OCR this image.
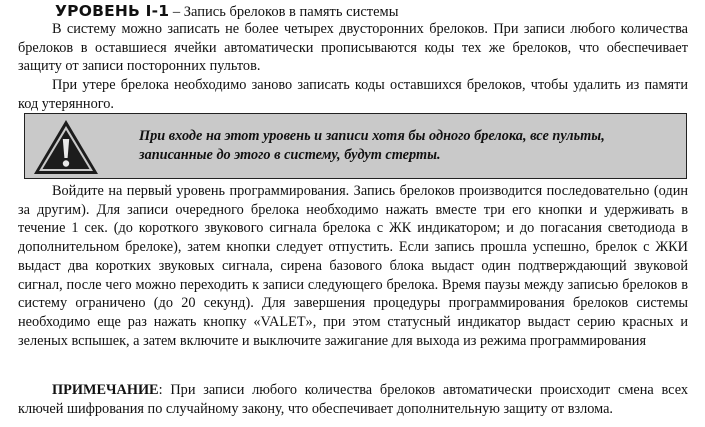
УРОВЕНЬ I-1 – Запись брелоков в память системы

В систему можно записать не более четырех двусторонних брелоков. При записи любого количества брелоков в оставшиеся ячейки автоматически прописываются коды тех же брелоков, что обеспечивает защиту от записи посторонних пультов.

При утере брелока необходимо заново записать коды оставшихся брелоков, чтобы удалить из памяти код утерянного.

При входе на этот уровень и записи хотя бы одного брелока, все пульты, записанные до этого в систему, будут стерты.

Войдите на первый уровень программирования. Запись брелоков производится последовательно (один за другим). Для записи очередного брелока необходимо нажать вместе три его кнопки и удерживать в течение 1 сек. (до короткого звукового сигнала брелока с ЖК индикатором; и до погасания светодиода в дополнительном брелоке), затем кнопки следует отпустить. Если запись прошла успешно, брелок с ЖКИ выдаст два коротких звуковых сигнала, сирена базового блока выдаст один подтверждающий звуковой сигнал, после чего можно переходить к записи следующего брелока. Время паузы между записью брелоков в систему ограничено (до 20 секунд). Для завершения процедуры программирования брелоков системы необходимо еще раз нажать кнопку «VALET», при этом статусный индикатор выдаст серию красных и зеленых вспышек, а затем включите и выключите зажигание для выхода из режима программирования

ПРИМЕЧАНИЕ: При записи любого количества брелоков автоматически происходит смена всех ключей шифрования по случайному закону, что обеспечивает дополнительную защиту от взлома.
